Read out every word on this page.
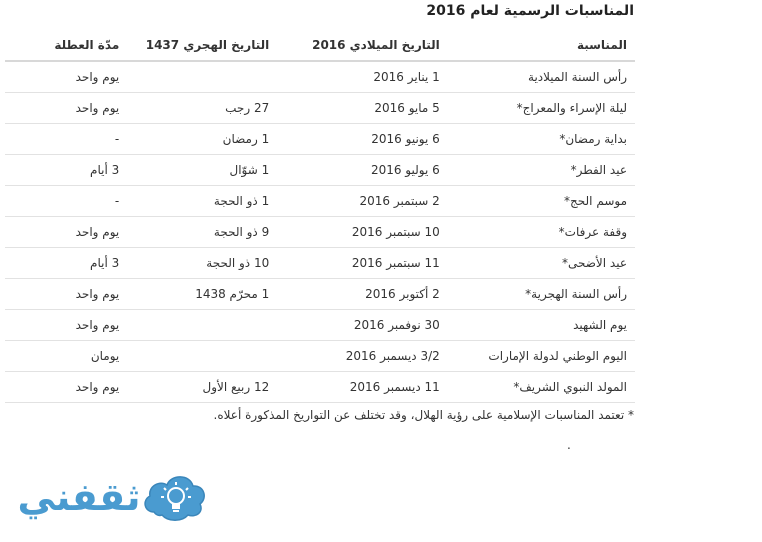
المناسبات الرسمية لعام 2016
المناسبة	التاريخ الميلادي 2016	التاريخ الهجري 1437	مدّة العطلة
رأس السنة الميلادية	1 يناير 2016		يوم واحد
ليلة الإسراء والمعراج*	5 مايو 2016	27 رجب	يوم واحد
بداية رمضان*	6 يونيو 2016	1 رمضان	-
عيد الفطر*	6 يوليو 2016	1 شوّال	3 أيام
موسم الحج*	2 سبتمبر 2016	1 ذو الحجة	-
وقفة عرفات*	10 سبتمبر 2016	9 ذو الحجة	يوم واحد
عيد الأضحى*	11 سبتمبر 2016	10 ذو الحجة	3 أيام
رأس السنة الهجرية*	2 أكتوبر 2016	1 محرّم 1438	يوم واحد
يوم الشهيد	30 نوفمبر 2016		يوم واحد
اليوم الوطني لدولة الإمارات	3/2 ديسمبر 2016		يومان
المولد النبوي الشريف*	11 ديسمبر 2016	12 ربيع الأول	يوم واحد
* تعتمد المناسبات الإسلامية على رؤية الهلال، وقد تختلف عن التواريخ المذكورة أعلاه.
.
ثقفني
